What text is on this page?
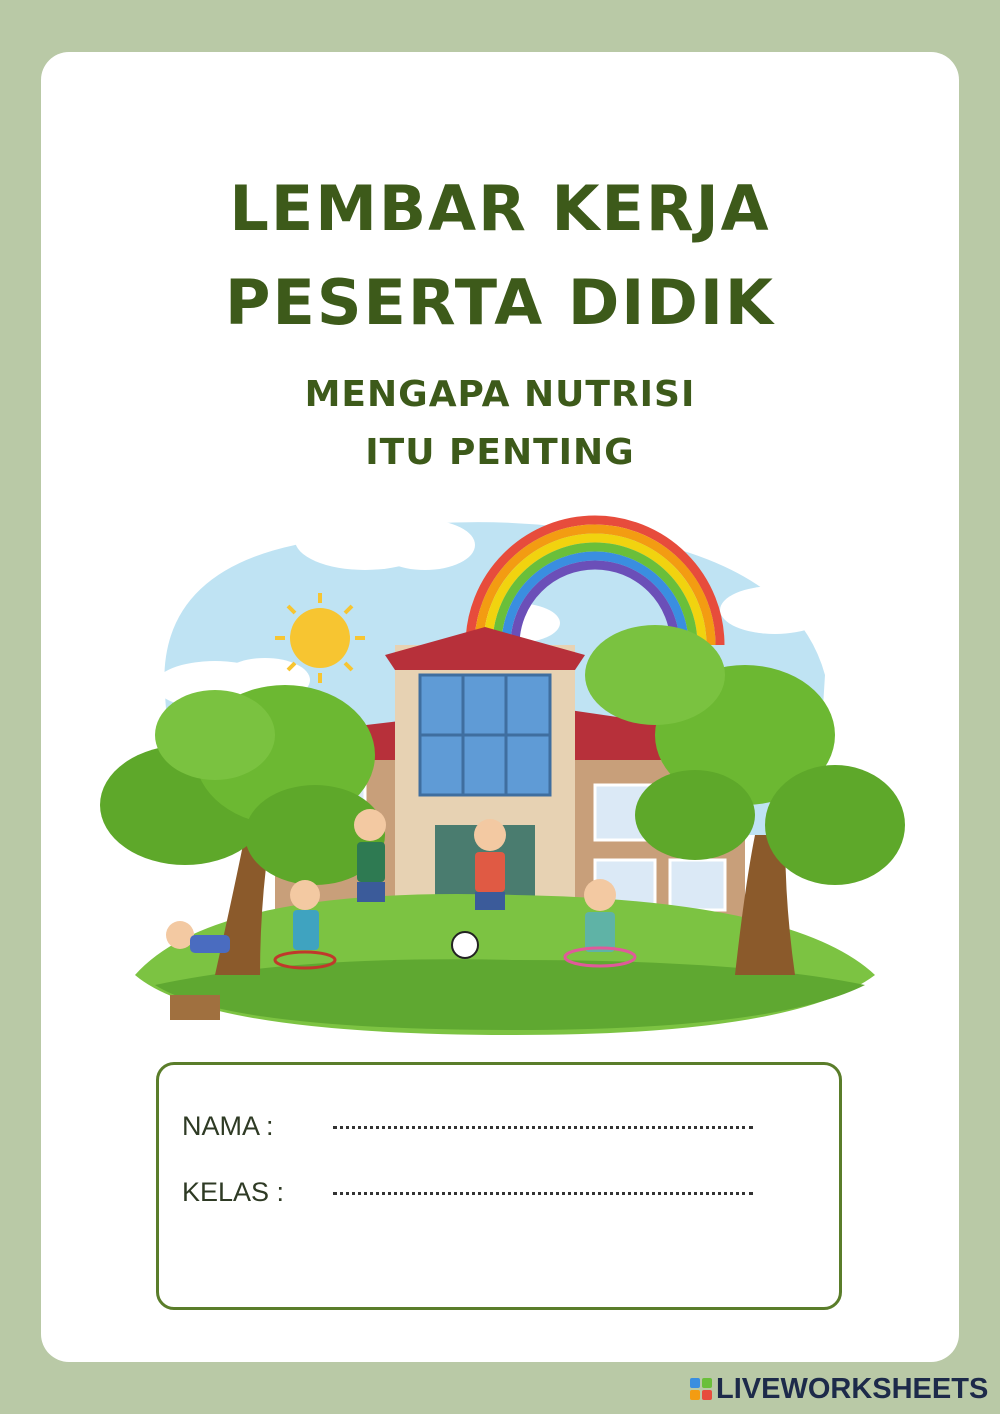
LEMBAR KERJA
PESERTA DIDIK
MENGAPA NUTRISI
ITU PENTING
NAMA :
KELAS :
LIVEWORKSHEETS
